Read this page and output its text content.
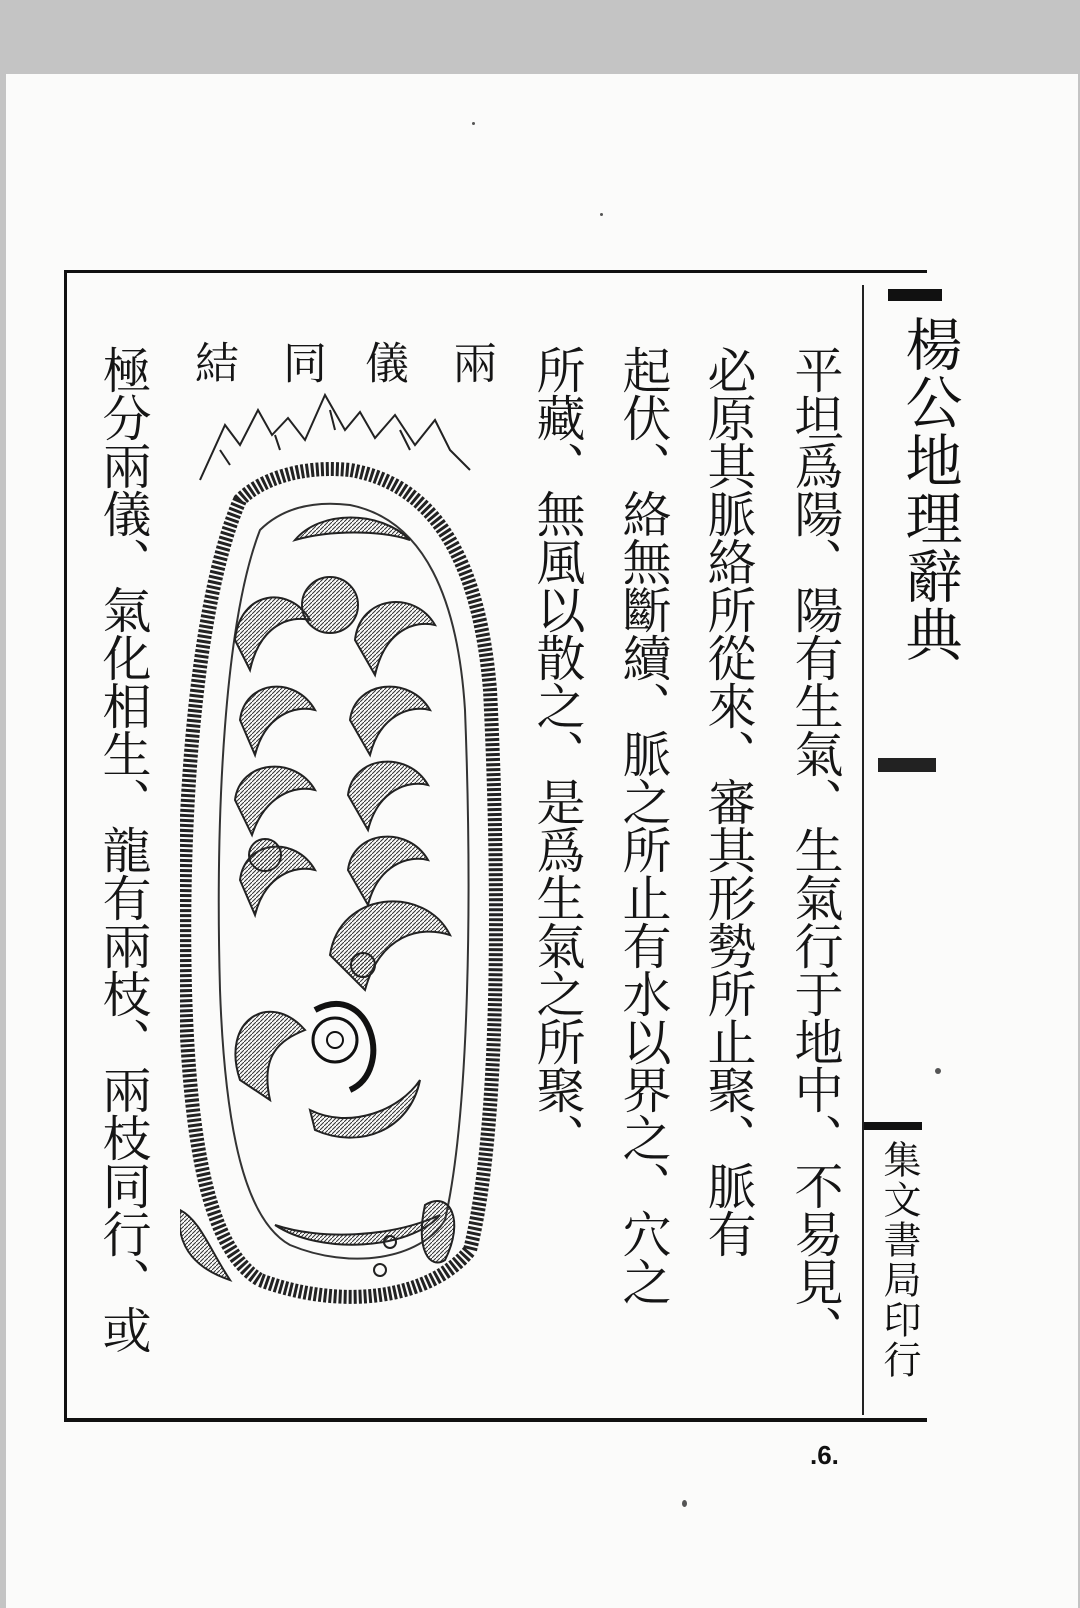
平坦爲陽、陽有生氣、生氣行于地中、不易見、
必原其脈絡所從來、審其形勢所止聚、脈有
起伏、絡無斷續、脈之所止有水以界之、穴之
所藏、無風以散之、是爲生氣之所聚、
兩
儀
同
結
極分兩儀、氣化相生、龍有兩枝、兩枝同行、或	楊公地理辭典
集文書局印行
.6.
